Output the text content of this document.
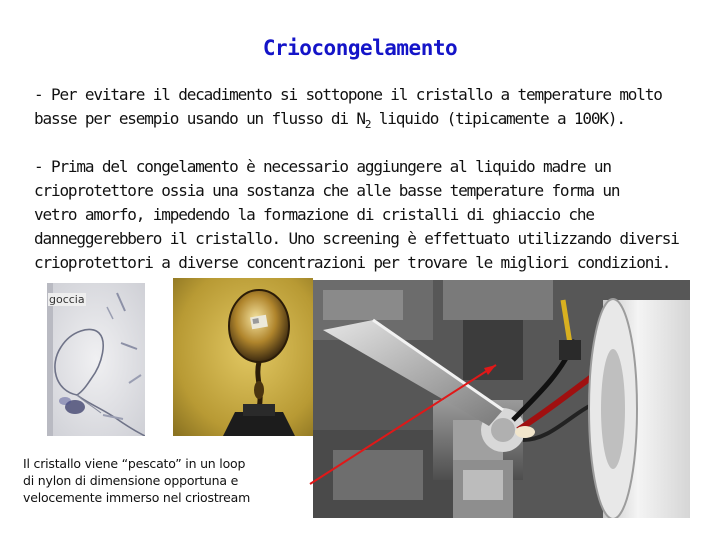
Criocongelamento
- Per evitare il decadimento si sottopone il cristallo a temperature molto
basse per esempio usando un flusso di $N_2$ liquido (tipicamente a 100K).
- Prima del congelamento è necessario aggiungere al liquido madre un
crioprotettore ossia una sostanza che alle basse temperature forma un
vetro amorfo, impedendo la formazione di cristalli di ghiaccio che
danneggerebbero il cristallo. Uno screening è effettuato utilizzando diversi
crioprotettori a diverse concentrazioni per trovare le migliori condizioni.
goccia
Il cristallo viene “pescato” in un loop
di nylon di dimensione opportuna e
velocemente immerso nel criostream
